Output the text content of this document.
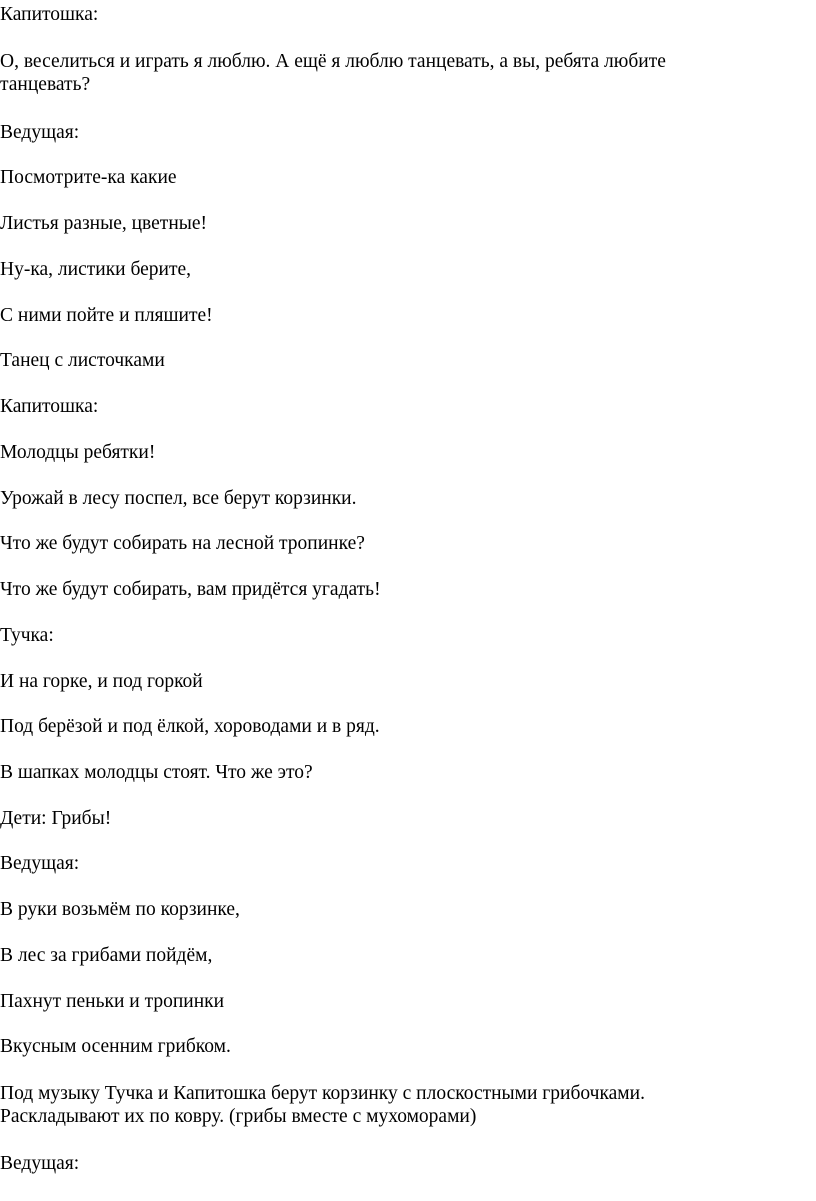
Капитошка:

О, веселиться и играть я люблю. А ещё я люблю танцевать, а вы, ребята любите танцевать?

Ведущая:

Посмотрите-ка какие

Листья разные, цветные!

Ну-ка, листики берите,

С ними пойте и пляшите!

Танец с листочками

Капитошка:

Молодцы ребятки!

Урожай в лесу поспел, все берут корзинки.

Что же будут собирать на лесной тропинке?

Что же будут собирать, вам придётся угадать!

Тучка:

И на горке, и под горкой

Под берёзой и под ёлкой, хороводами и в ряд.

В шапках молодцы стоят. Что же это?

Дети: Грибы!

Ведущая:

В руки возьмём по корзинке,

В лес за грибами пойдём,

Пахнут пеньки и тропинки

Вкусным осенним грибком.

Под музыку Тучка и Капитошка берут корзинку с плоскостными грибочками. Раскладывают их по ковру. (грибы вместе с мухоморами)

Ведущая:
